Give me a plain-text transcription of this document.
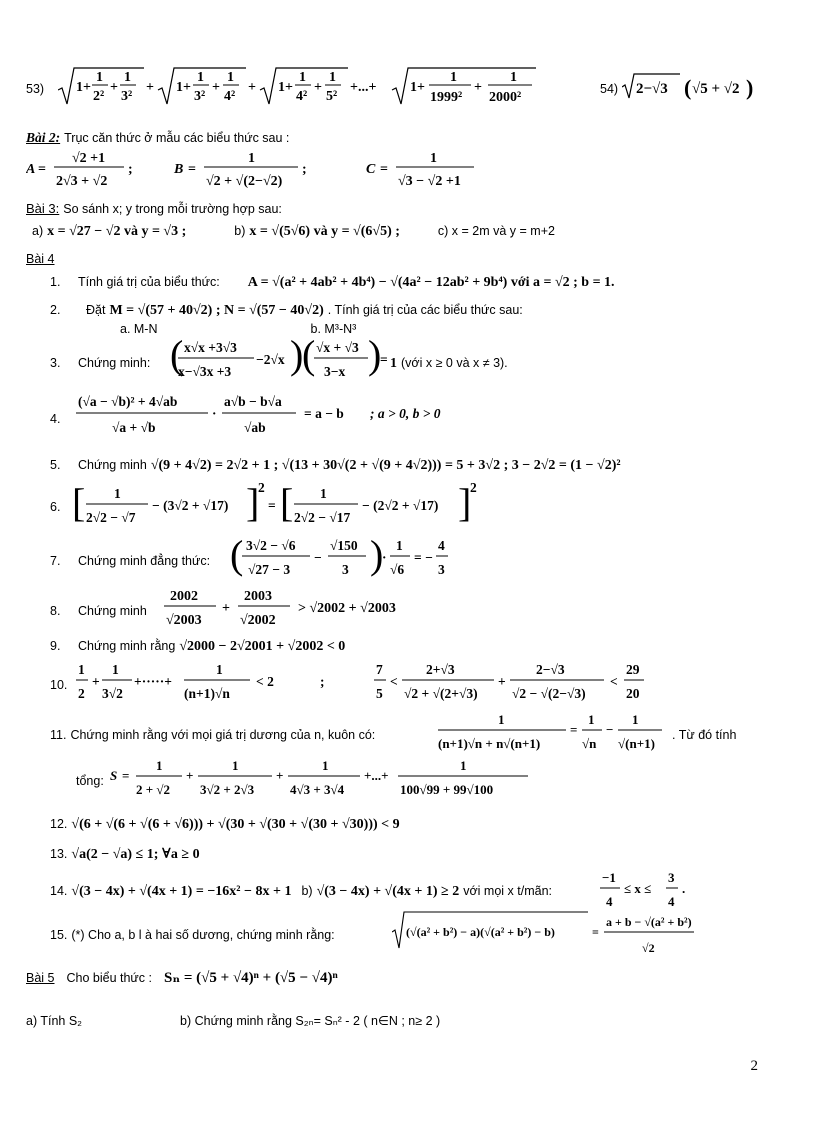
53) 1+
1
2²
+
1
3²
+ 1+
1
3²
+
1
4²
+ 1+
1
4²
+
1
5²
+...+ 1+
1
1999²
+
1
2000²
54) 2−√3 ( √5 + √2 )
Bài 2: Trục căn thức ở mẫu các biểu thức sau :
A =
√2 +1
2√3 + √2
;	B =
1
√2 + √(2−√2)
;	C =
1
√3 − √2 +1
Bài 3: So sánh x; y trong mỗi trường hợp sau:
a) x = √27 − √2 và y = √3 ;	b) x = √(5√6) và y = √(6√5) ;	c) x = 2m và y = m+2
Bài 4
1. Tính giá trị của biểu thức: A = √(a² + 4ab² + 4b⁴) − √(4a² − 12ab² + 9b⁴) với a = √2 ; b = 1.
2. Đặt M = √(57 + 40√2) ; N = √(57 − 40√2) . Tính giá trị của các biểu thức sau:
a. M-N	b. M³-N³
3. Chứng minh: ( x√x +3√3
x−√3x +3
−2√x )
( √x + √3
3−x )
= 1 (với x ≥ 0 và x ≠ 3).
4.
(√a − √b)² + 4√ab
√a + √b
·
a√b − b√a
√ab
= a − b ; a > 0, b > 0
5. Chứng minh √(9 + 4√2) = 2√2 + 1 ; √(13 + 30√(2 + √(9 + 4√2))) = 5 + 3√2 ; 3 − 2√2 = (1 − √2)²
6. [ 1
2√2 − √7
− (3√2 + √17) ]
2
= [ 1
2√2 − √17
− (2√2 + √17) ]
2
7. Chứng minh đẳng thức: ( 3√2 − √6
√27 − 3
−
√150
3 )
·
1
√6
= −
4
3
8. Chứng minh
2002
√2003
+
2003
√2002
> √2002 + √2003
9. Chứng minh rằng √2000 − 2√2001 + √2002 < 0
10.
1
2
+
1
3√2
+·····+
1
(n+1)√n
< 2	;
7
5
<
2+√3
√2 + √(2+√3)
+
2−√3
√2 − √(2−√3)
<
29
20
11. Chứng minh rằng với mọi giá trị dương của n, kuôn có:
1
(n+1)√n + n√(n+1)
=
1
√n
−
1
√(n+1)
. Từ đó tính
tổng: S =
1
2 + √2
+
1
3√2 + 2√3
+
1
4√3 + 3√4
+...+
1
100√99 + 99√100
12. √(6 + √(6 + √(6 + √6))) + √(30 + √(30 + √(30 + √30))) < 9
13. √a(2 − √a) ≤ 1; ∀a ≥ 0
14. √(3 − 4x) + √(4x + 1) = −16x² − 8x + 1 b) √(3 − 4x) + √(4x + 1) ≥ 2 với mọi x t/mãn:
−1
4
≤ x ≤
3
4
.
15. (*) Cho a, b l à hai số dương, chứng minh rằng:	(√(a² + b²) − a)(√(a² + b²) − b)	=
a + b − √(a² + b²)
√2
Bài 5 Cho biểu thức : Sₙ = (√5 + √4)ⁿ + (√5 − √4)ⁿ
a) Tính S₂	b) Chứng minh rằng S₂ₙ= Sₙ² - 2 ( n∈N ; n≥ 2 )
2
